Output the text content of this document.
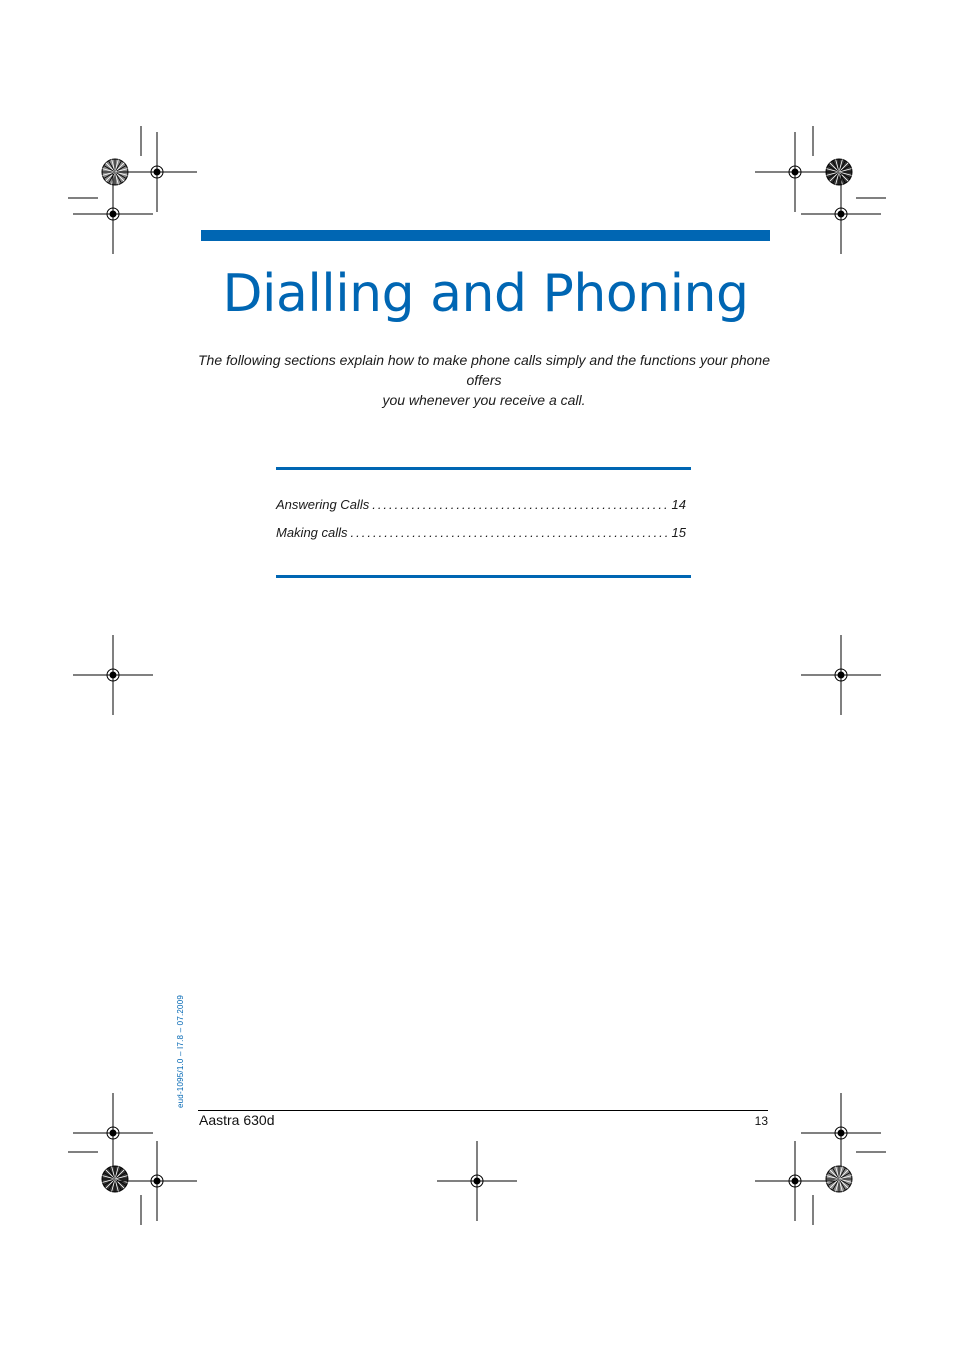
Dialling and Phoning
The following sections explain how to make phone calls simply and the functions your phone offers
you whenever you receive a call.
Answering Calls .....	14
Making calls .....	15
eud-1095/1.0 – I7.8 – 07.2009
Aastra 630d	13
